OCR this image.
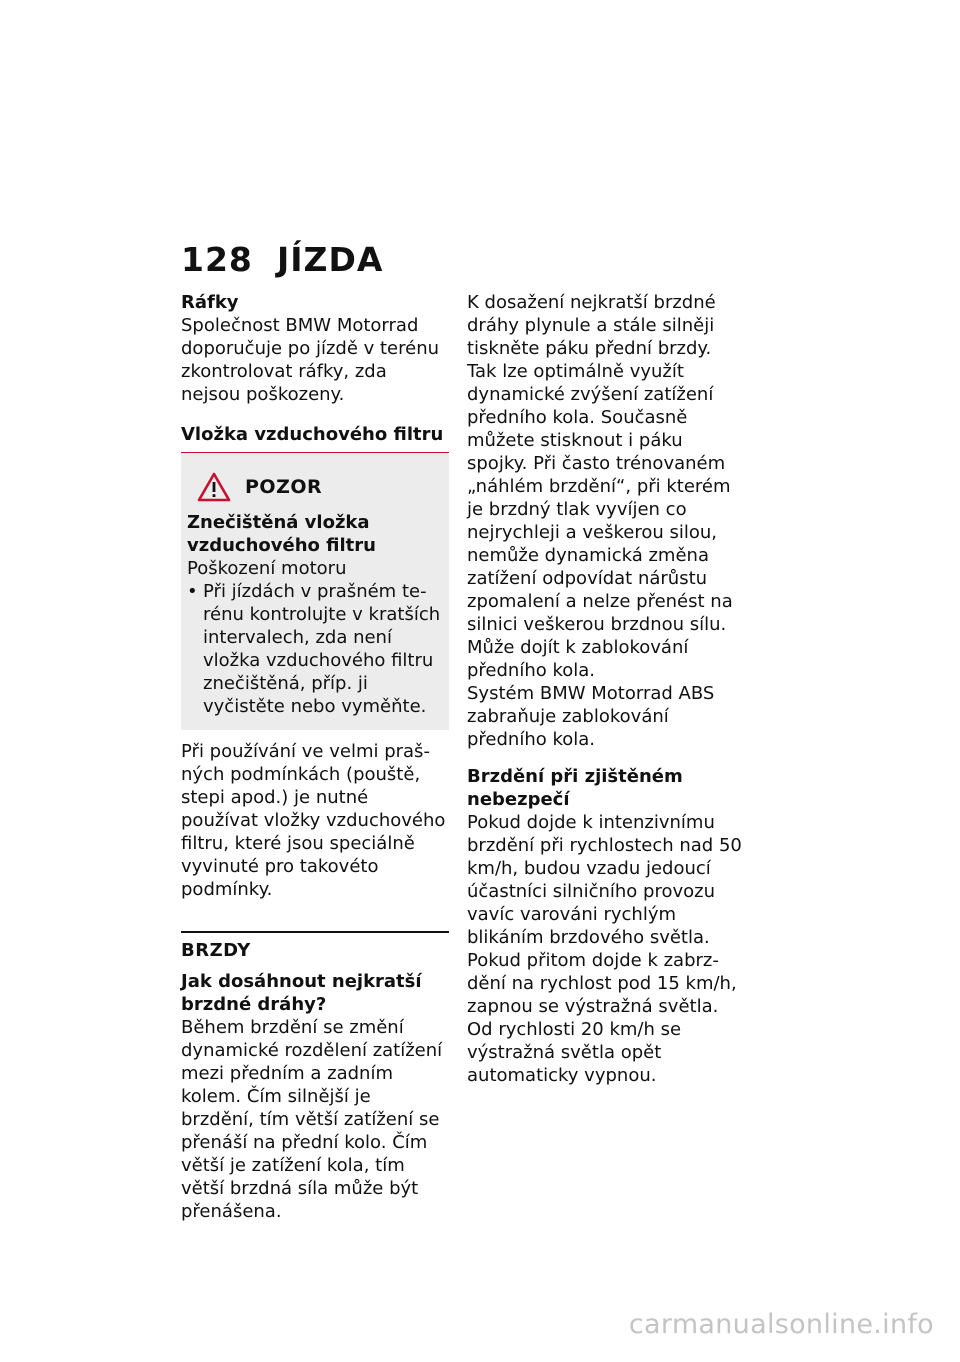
128 JÍZDA
Ráfky
Společnost BMW Motorrad doporučuje po jízdě v terénu zkontrolovat ráfky, zda nejsou poškozeny.
Vložka vzduchového filtru
POZOR
Znečištěná vložka vzduchového filtru
Poškození motoru
• Při jízdách v prašném terénu kontrolujte v kratších intervalech, zda není vložka vzduchového filtru znečištěná, příp. ji vyčistěte nebo vyměňte.
Při používání ve velmi prašných podmínkách (pouště, stepi apod.) je nutné používat vložky vzduchového filtru, které jsou speciálně vyvinuté pro takovéto podmínky.
BRZDY
Jak dosáhnout nejkratší brzdné dráhy?
Během brzdění se změní dynamické rozdělení zatížení mezi předním a zadním kolem. Čím silnější je brzdění, tím větší zatížení se přenáší na přední kolo. Čím větší je zatížení kola, tím větší brzdná síla může být přenášena.
K dosažení nejkratší brzdné dráhy plynule a stále silněji tiskněte páku přední brzdy. Tak lze optimálně využít dynamické zvýšení zatížení předního kola. Současně můžete stisknout i páku spojky. Při často trénovaném „náhlém brzdění“, při kterém je brzdný tlak vyvíjen co nejrychleji a veškerou silou, nemůže dynamická změna zatížení odpovídat nárůstu zpomalení a nelze přenést na silnici veškerou brzdnou sílu. Může dojít k zablokování předního kola.
Systém BMW Motorrad ABS zabraňuje zablokování předního kola.
Brzdění při zjištěném nebezpečí
Pokud dojde k intenzivnímu brzdění při rychlostech nad 50 km/h, budou vzadu jedoucí účastníci silničního provozu vavíc varováni rychlým blikáním brzdového světla.
Pokud přitom dojde k zabrzdění na rychlost pod 15 km/h, zapnou se výstražná světla. Od rychlosti 20 km/h se výstražná světla opět automaticky vypnou.
carmanualsonline.info
